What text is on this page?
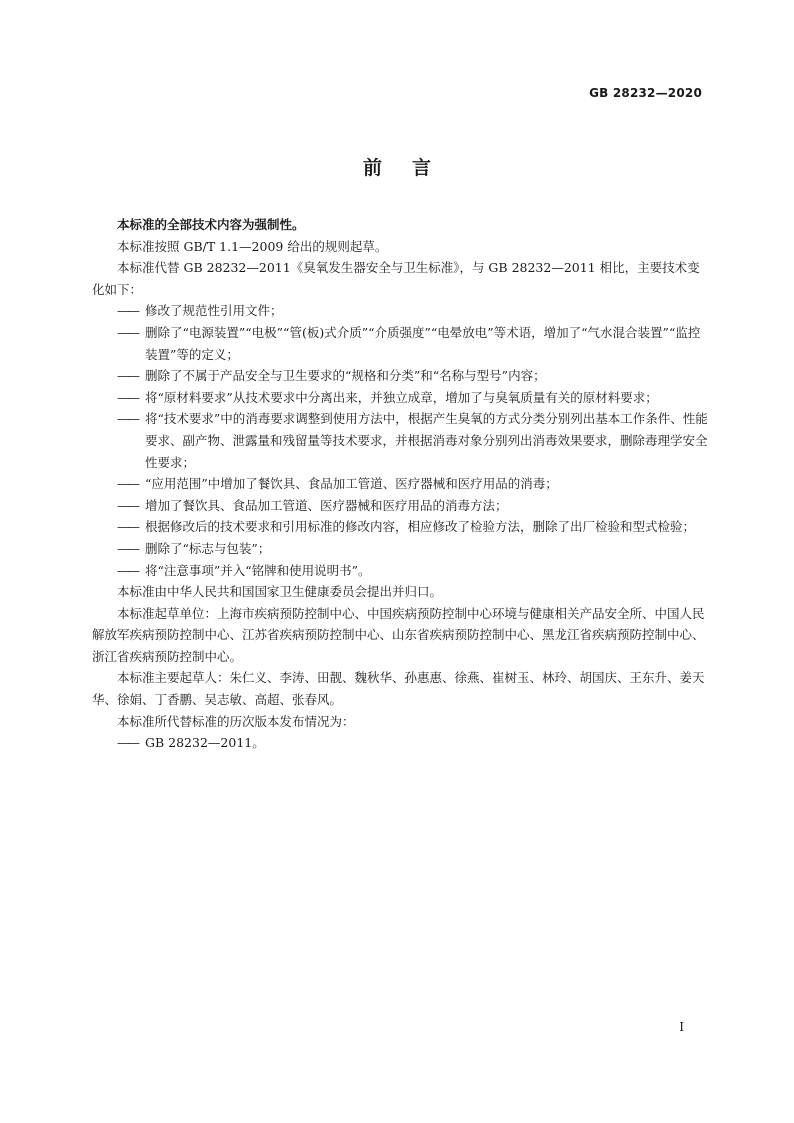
GB 28232—2020
前言

本标准的全部技术内容为强制性。

本标准按照 GB/T 1.1—2009 给出的规则起草。

本标准代替 GB 28232—2011《臭氧发生器安全与卫生标准》，与 GB 28232—2011 相比，主要技术变化如下：

—— 修改了规范性引用文件；

—— 删除了“电源装置”“电极”“管(板)式介质”“介质强度”“电晕放电”等术语，增加了“气水混合装置”“监控装置”等的定义；

—— 删除了不属于产品安全与卫生要求的“规格和分类”和“名称与型号”内容；

—— 将“原材料要求”从技术要求中分离出来，并独立成章，增加了与臭氧质量有关的原材料要求；

—— 将“技术要求”中的消毒要求调整到使用方法中，根据产生臭氧的方式分类分别列出基本工作条件、性能要求、副产物、泄露量和残留量等技术要求，并根据消毒对象分别列出消毒效果要求，删除毒理学安全性要求；

—— “应用范围”中增加了餐饮具、食品加工管道、医疗器械和医疗用品的消毒；

—— 增加了餐饮具、食品加工管道、医疗器械和医疗用品的消毒方法；

—— 根据修改后的技术要求和引用标准的修改内容，相应修改了检验方法，删除了出厂检验和型式检验；

—— 删除了“标志与包装”；

—— 将“注意事项”并入“铭牌和使用说明书”。

本标准由中华人民共和国国家卫生健康委员会提出并归口。

本标准起草单位：上海市疾病预防控制中心、中国疾病预防控制中心环境与健康相关产品安全所、中国人民解放军疾病预防控制中心、江苏省疾病预防控制中心、山东省疾病预防控制中心、黑龙江省疾病预防控制中心、浙江省疾病预防控制中心。

本标准主要起草人：朱仁义、李涛、田靓、魏秋华、孙惠惠、徐燕、崔树玉、林玲、胡国庆、王东升、姜天华、徐娟、丁香鹏、吴志敏、高超、张春风。

本标准所代替标准的历次版本发布情况为：

—— GB 28232—2011。

I
